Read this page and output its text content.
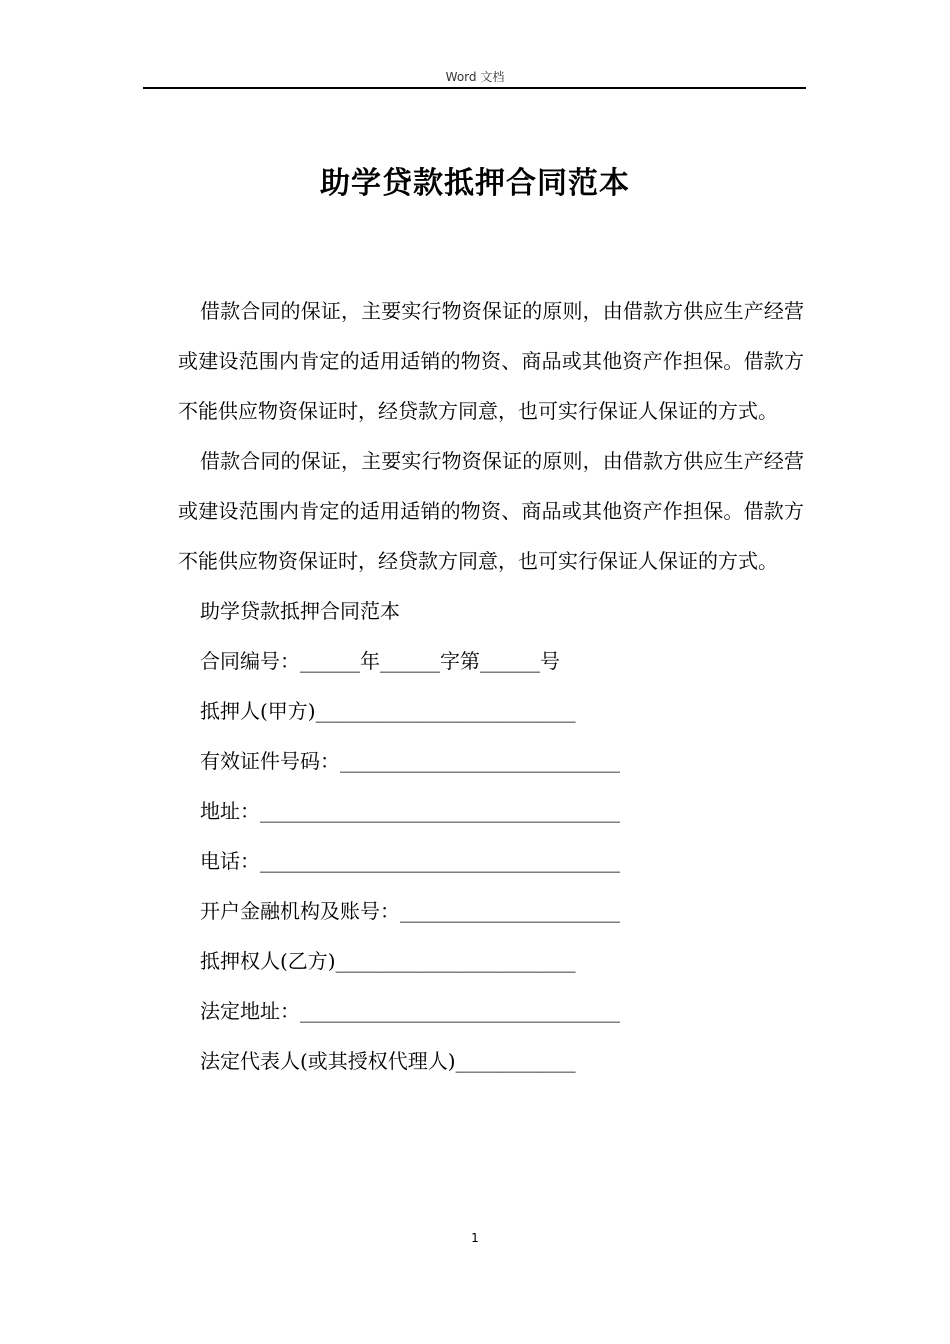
Word 文档
助学贷款抵押合同范本

借款合同的保证，主要实行物资保证的原则，由借款方供应生产经营或建设范围内肯定的适用适销的物资、商品或其他资产作担保。借款方不能供应物资保证时，经贷款方同意，也可实行保证人保证的方式。

借款合同的保证，主要实行物资保证的原则，由借款方供应生产经营或建设范围内肯定的适用适销的物资、商品或其他资产作担保。借款方不能供应物资保证时，经贷款方同意，也可实行保证人保证的方式。

助学贷款抵押合同范本

合同编号：______年______字第______号

抵押人(甲方)__________________________

有效证件号码：____________________________

地址：____________________________________

电话：____________________________________

开户金融机构及账号：______________________

抵押权人(乙方)________________________

法定地址：________________________________

法定代表人(或其授权代理人)____________

1
